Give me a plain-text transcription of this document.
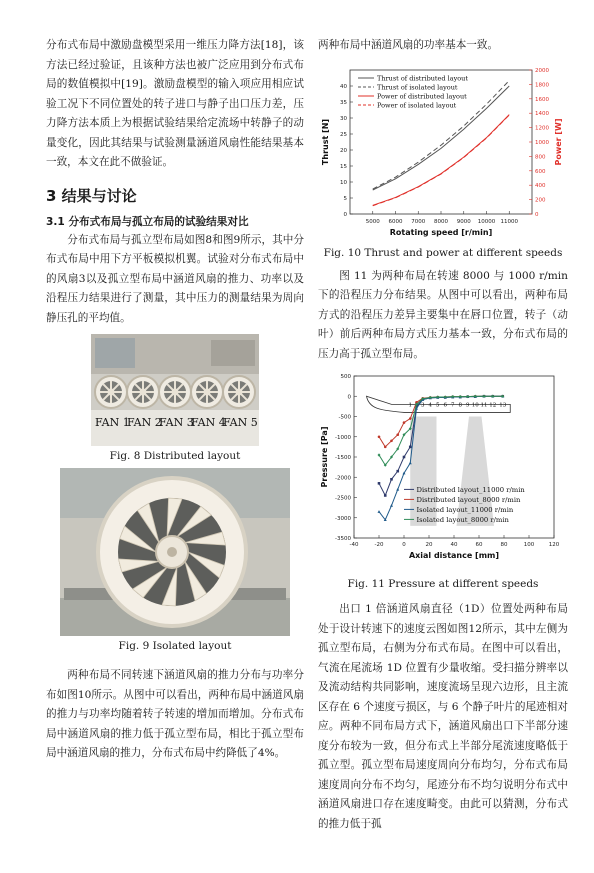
分布式布局中激励盘模型采用一维压力降方法[18]，该方法已经过验证，且该种方法也被广泛应用到分布式布局的数值模拟中[19]。激励盘模型的输入项应用相应试验工况下不同位置处的转子进口与静子出口压力差，压力降方法本质上为根据试验结果给定流场中转静子的动量变化，因此其结果与试验测量涵道风扇性能结果基本一致，本文在此不做验证。

3 结果与讨论
3.1 分布式布局与孤立布局的试验结果对比

分布式布局与孤立型布局如图8和图9所示，其中分布式布局中用下方平板模拟机翼。试验对分布式布局中的风扇3以及孤立型布局中涵道风扇的推力、功率以及沿程压力结果进行了测量，其中压力的测量结果为周向静压孔的平均值。

FAN 1
FAN 2
FAN 3
FAN 4
FAN 5

Fig. 8 Distributed layout

Fig. 9 Isolated layout

两种布局不同转速下涵道风扇的推力分布与功率分布如图10所示。从图中可以看出，两种布局中涵道风扇的推力与功率均随着转子转速的增加而增加。分布式布局中涵道风扇的推力低于孤立型布局，相比于孤立型布局中涵道风扇的推力，分布式布局中约降低了4%。

两种布局中涵道风扇的功率基本一致。

5000 6000 7000 8000 9000 10000 11000
0
5
10
15
20
25
30
35
40
0
200
400
600
800
1000
1200
1400
1600
1800
2000
Rotating speed [r/min]
Thrust [N]	Power [W]
Thrust of distributed layout
Thrust of isolated layout
Power of distributed layout
Power of isolated layout

Fig. 10 Thrust and power at different speeds

图 11 为两种布局在转速 8000 与 1000 r/min 下的沿程压力分布结果。从图中可以看出，两种布局方式的沿程压力差异主要集中在唇口位置，转子（动叶）前后两种布局方式压力基本一致，分布式布局的压力高于孤立型布局。

-40	-20	0	20	40	60	80	100	120
-3500
-3000
-2500
-2000
-1500
-1000
-500
0
500
Axial distance [mm]
Pressure [Pa]
1 3 4 5 6 7 8 9 10 11 12 13
Distributed layout_11000 r/min
Distributed layout_8000 r/min
Isolated layout_11000 r/min
Isolated layout_8000 r/min

Fig. 11 Pressure at different speeds

出口 1 倍涵道风扇直径（1D）位置处两种布局处于设计转速下的速度云图如图12所示，其中左侧为孤立型布局，右侧为分布式布局。在图中可以看出，气流在尾流场 1D 位置有少量收缩。受扫描分辨率以及流动结构共同影响，速度流场呈现六边形，且主流区存在 6 个速度亏损区，与 6 个静子叶片的尾迹相对应。两种不同布局方式下，涵道风扇出口下半部分速度分布较为一致，但分布式上半部分尾流速度略低于孤立型。孤立型布局速度周向分布均匀，分布式布局速度周向分布不均匀，尾迹分布不均匀说明分布式中涵道风扇进口存在速度畸变。由此可以猜测，分布式的推力低于孤
